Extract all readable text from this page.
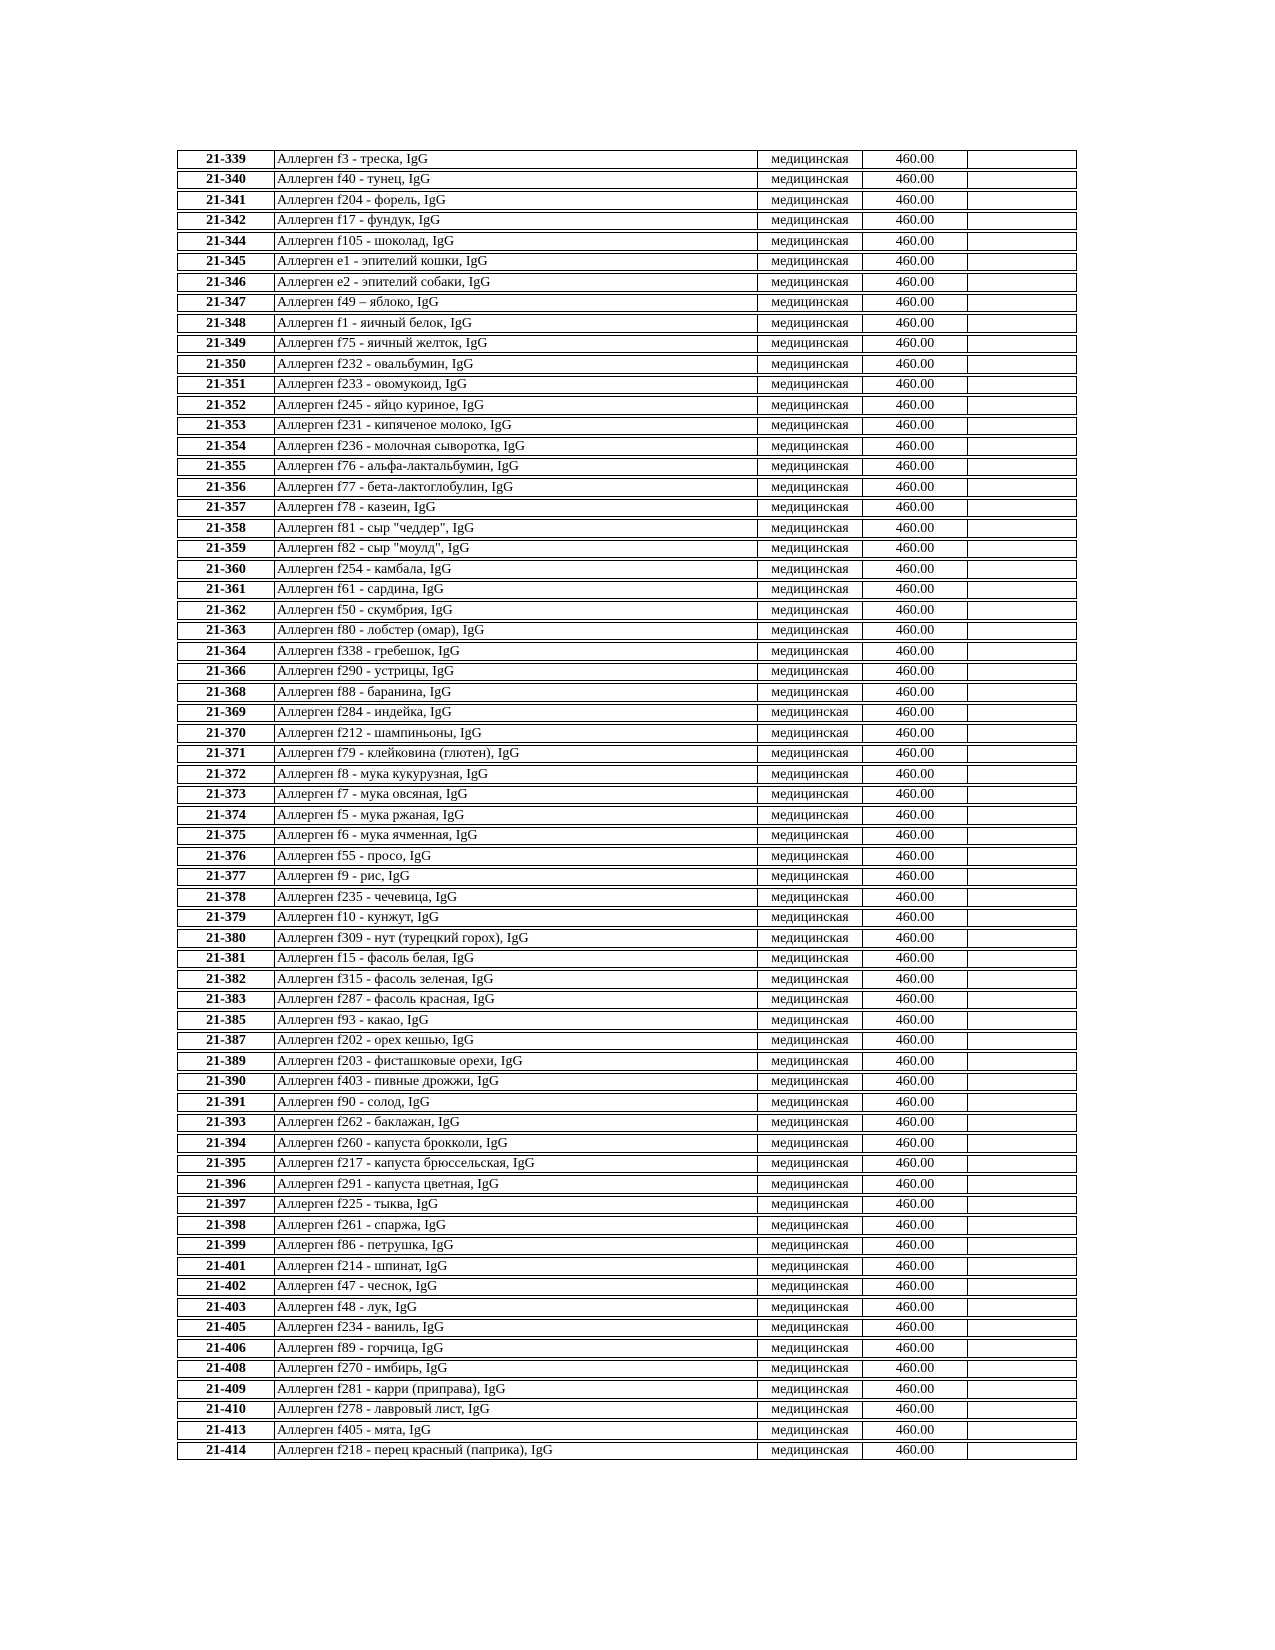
21-339	Аллерген f3 - треска, IgG	медицинская	460.00	
21-340	Аллерген f40 - тунец, IgG	медицинская	460.00	
21-341	Аллерген f204 - форель, IgG	медицинская	460.00	
21-342	Аллерген f17 - фундук, IgG	медицинская	460.00	
21-344	Аллерген f105 - шоколад, IgG	медицинская	460.00	
21-345	Аллерген e1 - эпителий кошки, IgG	медицинская	460.00	
21-346	Аллерген e2 - эпителий собаки, IgG	медицинская	460.00	
21-347	Аллерген f49 – яблоко, IgG	медицинская	460.00	
21-348	Аллерген f1 - яичный белок, IgG	медицинская	460.00	
21-349	Аллерген f75 - яичный желток, IgG	медицинская	460.00	
21-350	Аллерген f232 - овальбумин, IgG	медицинская	460.00	
21-351	Аллерген f233 - овомукоид, IgG	медицинская	460.00	
21-352	Аллерген f245 - яйцо куриное, IgG	медицинская	460.00	
21-353	Аллерген f231 - кипяченое молоко, IgG	медицинская	460.00	
21-354	Аллерген f236 - молочная сыворотка, IgG	медицинская	460.00	
21-355	Аллерген f76 - альфа-лактальбумин, IgG	медицинская	460.00	
21-356	Аллерген f77 - бета-лактоглобулин, IgG	медицинская	460.00	
21-357	Аллерген f78 - казеин, IgG	медицинская	460.00	
21-358	Аллерген f81 - сыр "чеддер", IgG	медицинская	460.00	
21-359	Аллерген f82 - сыр "моулд", IgG	медицинская	460.00	
21-360	Аллерген f254 - камбала, IgG	медицинская	460.00	
21-361	Аллерген f61 - сардина, IgG	медицинская	460.00	
21-362	Аллерген f50 - скумбрия, IgG	медицинская	460.00	
21-363	Аллерген f80 - лобстер (омар), IgG	медицинская	460.00	
21-364	Аллерген f338 - гребешок, IgG	медицинская	460.00	
21-366	Аллерген f290 - устрицы, IgG	медицинская	460.00	
21-368	Аллерген f88 - баранина, IgG	медицинская	460.00	
21-369	Аллерген f284 - индейка, IgG	медицинская	460.00	
21-370	Аллерген f212 - шампиньоны, IgG	медицинская	460.00	
21-371	Аллерген f79 - клейковина (глютен), IgG	медицинская	460.00	
21-372	Аллерген f8 - мука кукурузная, IgG	медицинская	460.00	
21-373	Аллерген f7 - мука овсяная, IgG	медицинская	460.00	
21-374	Аллерген f5 - мука ржаная, IgG	медицинская	460.00	
21-375	Аллерген f6 - мука ячменная, IgG	медицинская	460.00	
21-376	Аллерген f55 - просо, IgG	медицинская	460.00	
21-377	Аллерген f9 - рис, IgG	медицинская	460.00	
21-378	Аллерген f235 - чечевица, IgG	медицинская	460.00	
21-379	Аллерген f10 - кунжут, IgG	медицинская	460.00	
21-380	Аллерген f309 - нут (турецкий горох), IgG	медицинская	460.00	
21-381	Аллерген f15 - фасоль белая, IgG	медицинская	460.00	
21-382	Аллерген f315 - фасоль зеленая, IgG	медицинская	460.00	
21-383	Аллерген f287 - фасоль красная, IgG	медицинская	460.00	
21-385	Аллерген f93 - какао, IgG	медицинская	460.00	
21-387	Аллерген f202 - орех кешью, IgG	медицинская	460.00	
21-389	Аллерген f203 - фисташковые орехи, IgG	медицинская	460.00	
21-390	Аллерген f403 - пивные дрожжи, IgG	медицинская	460.00	
21-391	Аллерген f90 - солод, IgG	медицинская	460.00	
21-393	Аллерген f262 - баклажан, IgG	медицинская	460.00	
21-394	Аллерген f260 - капуста брокколи, IgG	медицинская	460.00	
21-395	Аллерген f217 - капуста брюссельская, IgG	медицинская	460.00	
21-396	Аллерген f291 - капуста цветная, IgG	медицинская	460.00	
21-397	Аллерген f225 - тыква, IgG	медицинская	460.00	
21-398	Аллерген f261 - спаржа, IgG	медицинская	460.00	
21-399	Аллерген f86 - петрушка, IgG	медицинская	460.00	
21-401	Аллерген f214 - шпинат, IgG	медицинская	460.00	
21-402	Аллерген f47 - чеснок, IgG	медицинская	460.00	
21-403	Аллерген f48 - лук, IgG	медицинская	460.00	
21-405	Аллерген f234 - ваниль, IgG	медицинская	460.00	
21-406	Аллерген f89 - горчица, IgG	медицинская	460.00	
21-408	Аллерген f270 - имбирь, IgG	медицинская	460.00	
21-409	Аллерген f281 - карри (приправа), IgG	медицинская	460.00	
21-410	Аллерген f278 - лавровый лист, IgG	медицинская	460.00	
21-413	Аллерген f405 - мята, IgG	медицинская	460.00	
21-414	Аллерген f218 - перец красный (паприка), IgG	медицинская	460.00	
